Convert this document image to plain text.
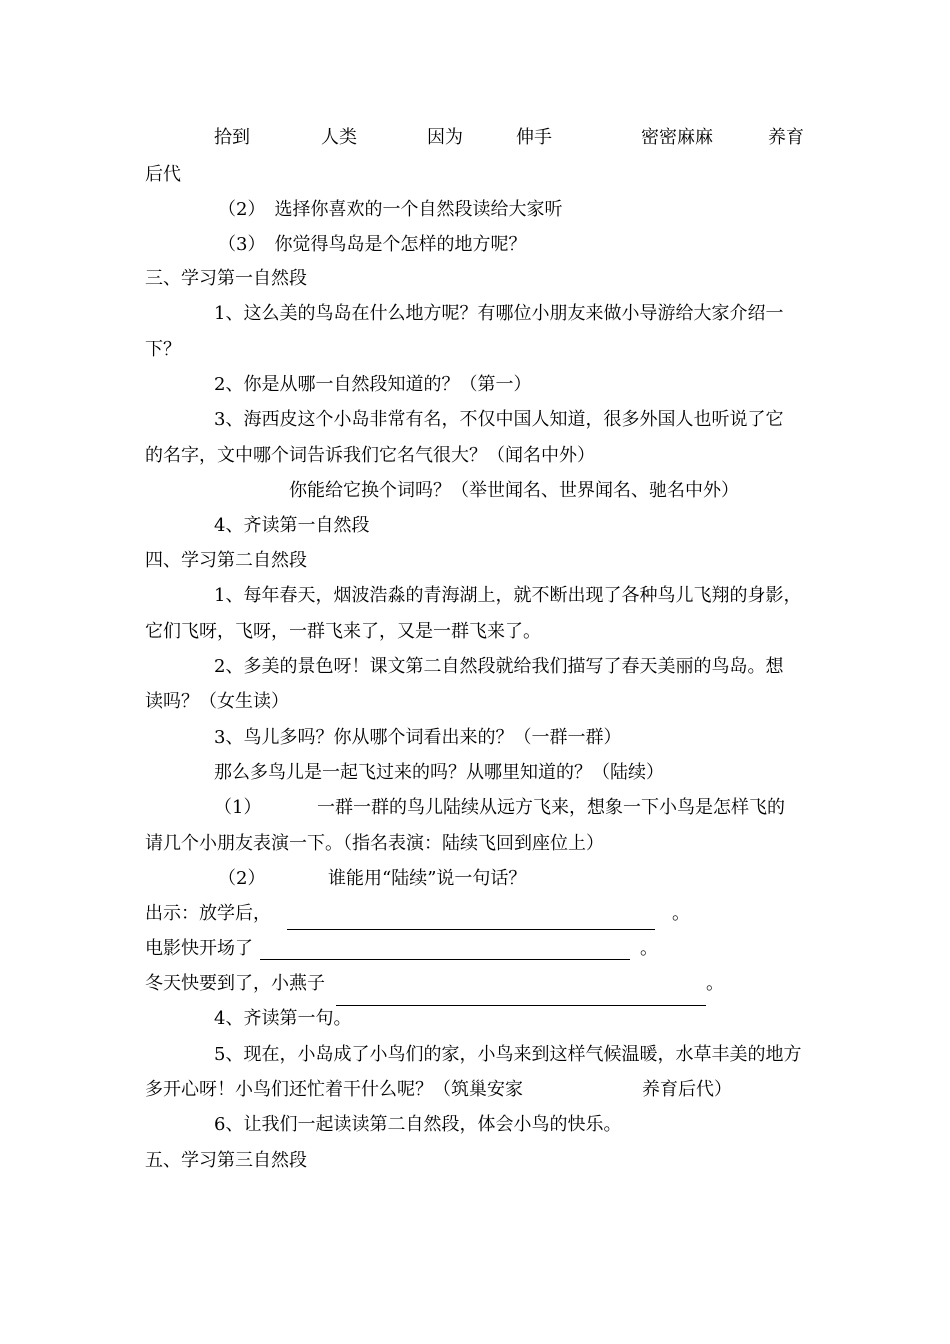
拾到	人类	因为	伸手	密密麻麻	养育
后代
（2）　选择你喜欢的一个自然段读给大家听
（3）　你觉得鸟岛是个怎样的地方呢？
三、学习第一自然段
1、这么美的鸟岛在什么地方呢？有哪位小朋友来做小导游给大家介绍一
下？
2、你是从哪一自然段知道的？（第一）
3、海西皮这个小岛非常有名，不仅中国人知道，很多外国人也听说了它
的名字，文中哪个词告诉我们它名气很大？（闻名中外）
你能给它换个词吗？（举世闻名、世界闻名、驰名中外）
4、齐读第一自然段
四、学习第二自然段
1、每年春天，烟波浩淼的青海湖上，就不断出现了各种鸟儿飞翔的身影，
它们飞呀，飞呀，一群飞来了，又是一群飞来了。
2、多美的景色呀！课文第二自然段就给我们描写了春天美丽的鸟岛。想
读吗？（女生读）
3、鸟儿多吗？你从哪个词看出来的？（一群一群）
那么多鸟儿是一起飞过来的吗？从哪里知道的？（陆续）
（1）	一群一群的鸟儿陆续从远方飞来，想象一下小鸟是怎样飞的
请几个小朋友表演一下。（指名表演：陆续飞回到座位上）
（2）	谁能用“陆续”说一句话？
出示：放学后，	。
电影快开场了	。
冬天快要到了，小燕子	。
4、齐读第一句。
5、现在，小岛成了小鸟们的家，小鸟来到这样气候温暖，水草丰美的地方
多开心呀！小鸟们还忙着干什么呢？（筑巢安家	养育后代）
6、让我们一起读读第二自然段，体会小鸟的快乐。
五、学习第三自然段
